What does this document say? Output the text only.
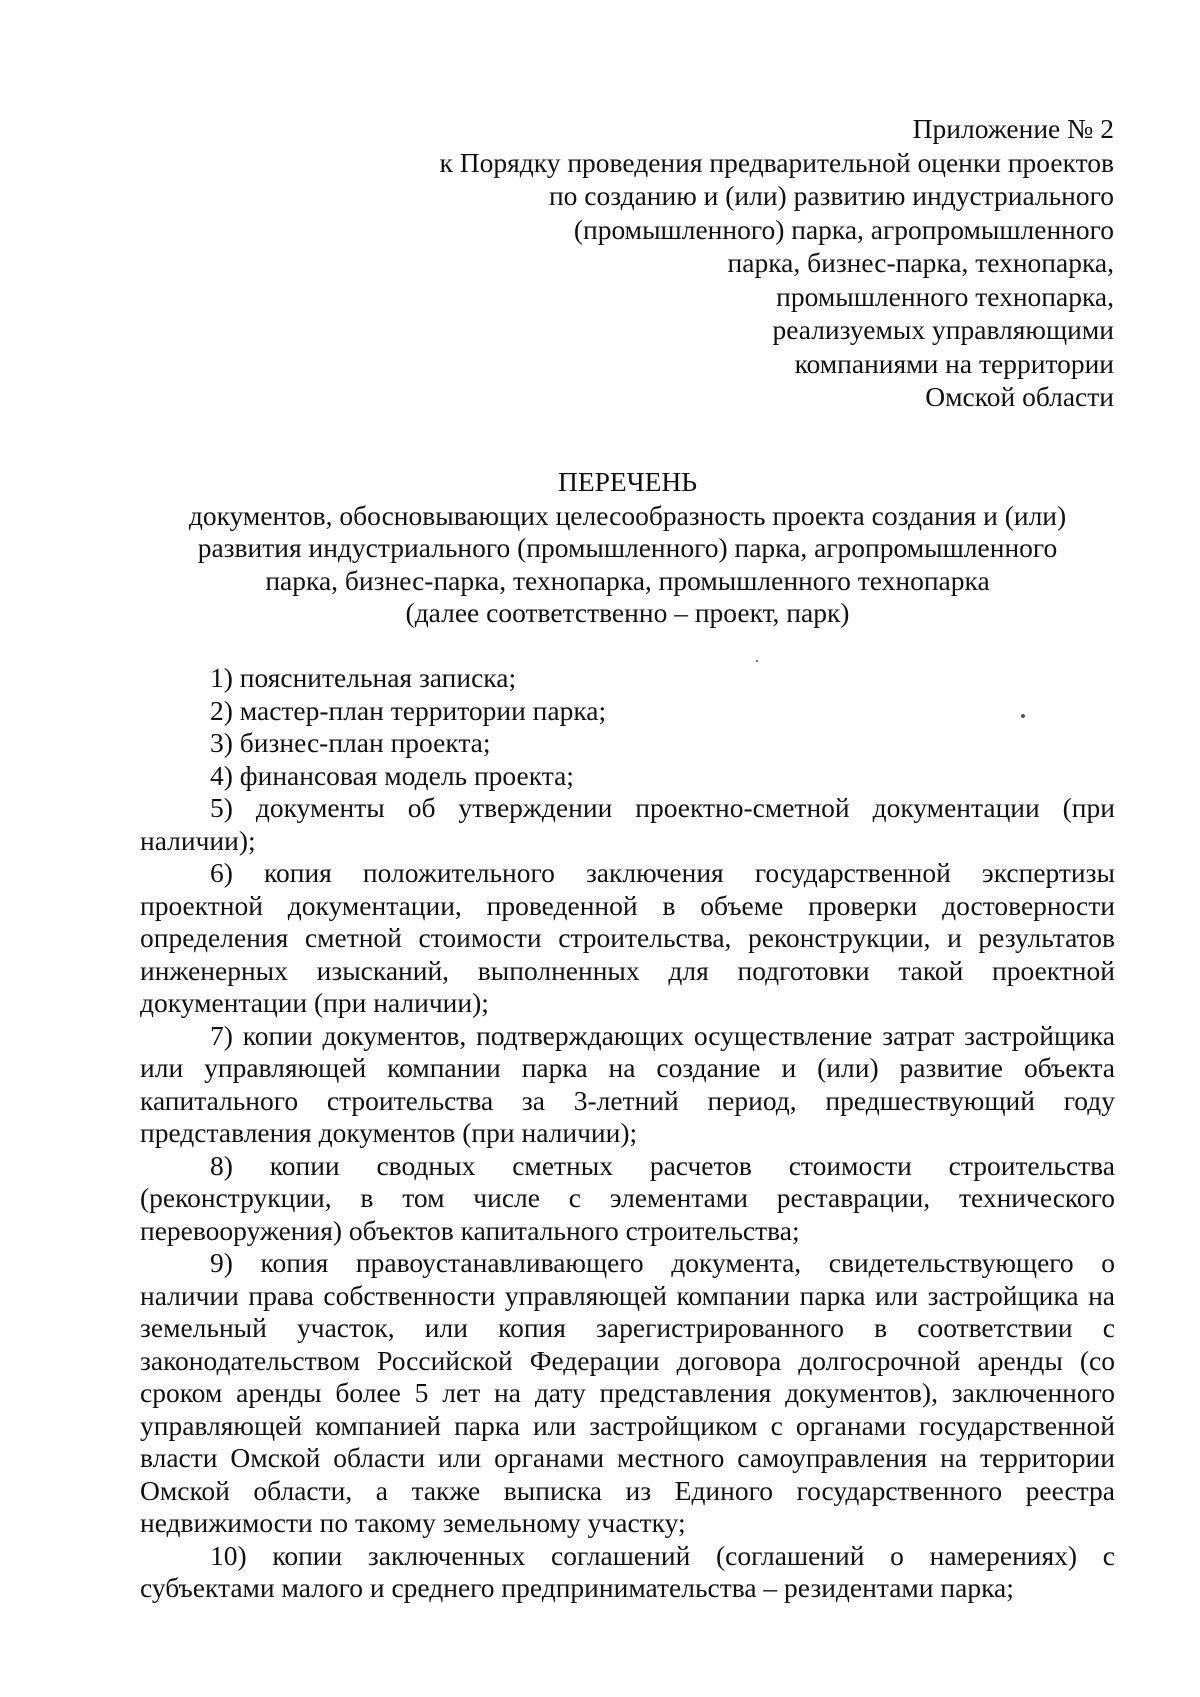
Приложение № 2
к Порядку проведения предварительной оценки проектов
по созданию и (или) развитию индустриального
(промышленного) парка, агропромышленного
парка, бизнес-парка, технопарка,
промышленного технопарка,
реализуемых управляющими
компаниями на территории
Омской области
ПЕРЕЧЕНЬ
документов, обосновывающих целесообразность проекта создания и (или)
развития индустриального (промышленного) парка, агропромышленного
парка, бизнес-парка, технопарка, промышленного технопарка
(далее соответственно – проект, парк)
1) пояснительная записка;
2) мастер-план территории парка;
3) бизнес-план проекта;
4) финансовая модель проекта;
5) документы об утверждении проектно-сметной документации (при наличии);
6) копия положительного заключения государственной экспертизы проектной документации, проведенной в объеме проверки достоверности определения сметной стоимости строительства, реконструкции, и результатов инженерных изысканий, выполненных для подготовки такой проектной документации (при наличии);
7) копии документов, подтверждающих осуществление затрат застройщика или управляющей компании парка на создание и (или) развитие объекта капитального строительства за 3-летний период, предшествующий году представления документов (при наличии);
8) копии сводных сметных расчетов стоимости строительства (реконструкции, в том числе с элементами реставрации, технического перевооружения) объектов капитального строительства;
9) копия правоустанавливающего документа, свидетельствующего о наличии права собственности управляющей компании парка или застройщика на земельный участок, или копия зарегистрированного в соответствии с законодательством Российской Федерации договора долгосрочной аренды (со сроком аренды более 5 лет на дату представления документов), заключенного управляющей компанией парка или застройщиком с органами государственной власти Омской области или органами местного самоуправления на территории Омской области, а также выписка из Единого государственного реестра недвижимости по такому земельному участку;
10) копии заключенных соглашений (соглашений о намерениях) с субъектами малого и среднего предпринимательства – резидентами парка;
